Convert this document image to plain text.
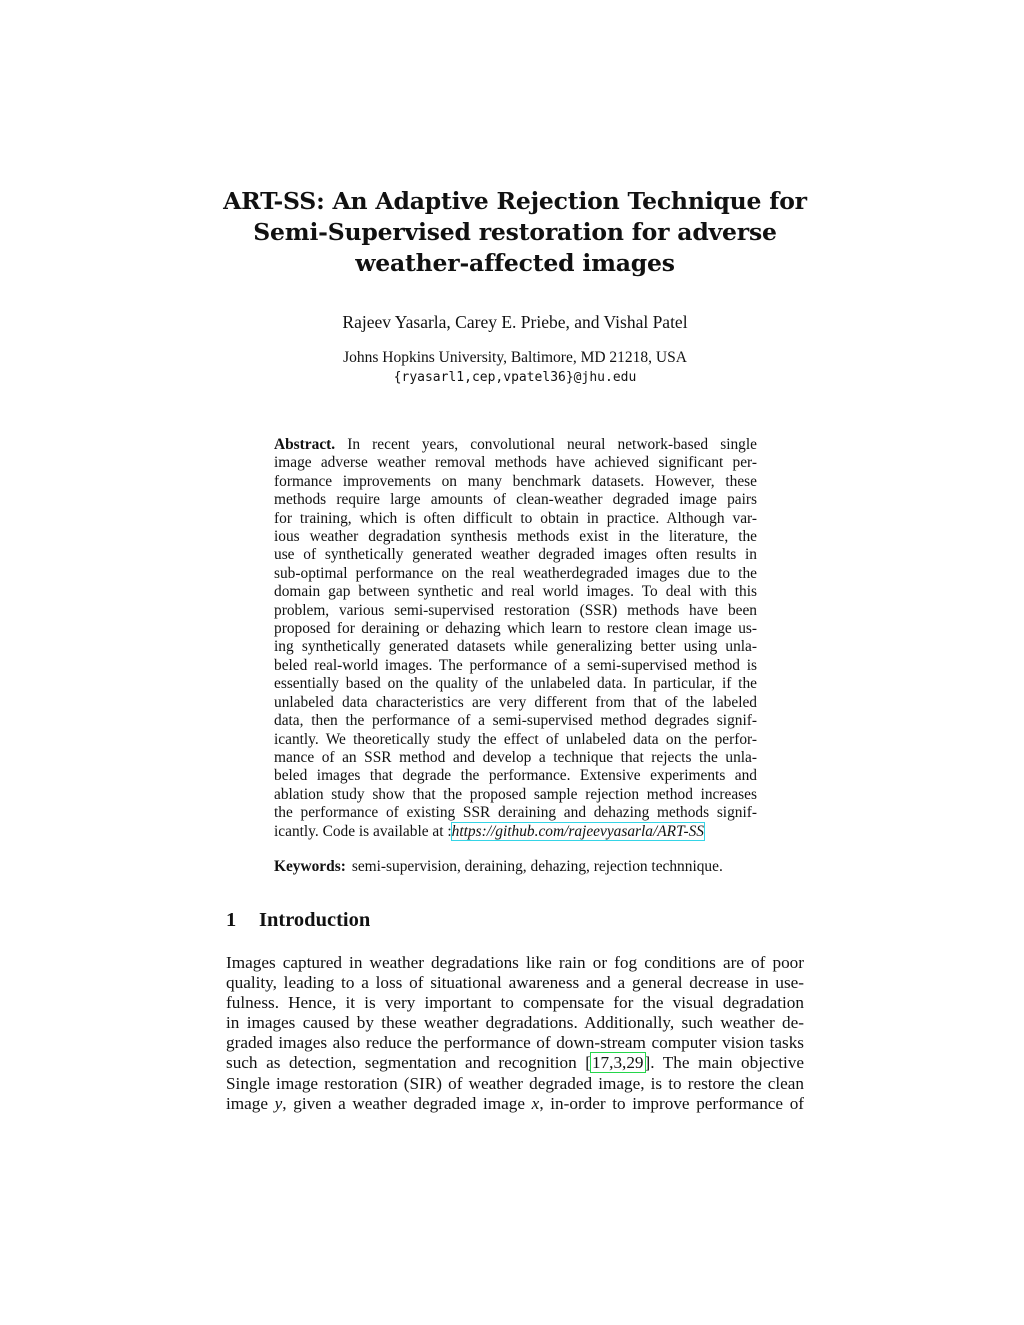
ART-SS: An Adaptive Rejection Technique for
Semi-Supervised restoration for adverse
weather-affected images
Rajeev Yasarla, Carey E. Priebe, and Vishal Patel
Johns Hopkins University, Baltimore, MD 21218, USA
{ryasarl1,cep,vpatel36}@jhu.edu
Abstract. In recent years, convolutional neural network-based single
image adverse weather removal methods have achieved significant per-
formance improvements on many benchmark datasets. However, these
methods require large amounts of clean-weather degraded image pairs
for training, which is often difficult to obtain in practice. Although var-
ious weather degradation synthesis methods exist in the literature, the
use of synthetically generated weather degraded images often results in
sub-optimal performance on the real weatherdegraded images due to the
domain gap between synthetic and real world images. To deal with this
problem, various semi-supervised restoration (SSR) methods have been
proposed for deraining or dehazing which learn to restore clean image us-
ing synthetically generated datasets while generalizing better using unla-
beled real-world images. The performance of a semi-supervised method is
essentially based on the quality of the unlabeled data. In particular, if the
unlabeled data characteristics are very different from that of the labeled
data, then the performance of a semi-supervised method degrades signif-
icantly. We theoretically study the effect of unlabeled data on the perfor-
mance of an SSR method and develop a technique that rejects the unla-
beled images that degrade the performance. Extensive experiments and
ablation study show that the proposed sample rejection method increases
the performance of existing SSR deraining and dehazing methods signif-
icantly. Code is available at :https://github.com/rajeevyasarla/ART-SS
Keywords: semi-supervision, deraining, dehazing, rejection technnique.
1 Introduction
Images captured in weather degradations like rain or fog conditions are of poor
quality, leading to a loss of situational awareness and a general decrease in use-
fulness. Hence, it is very important to compensate for the visual degradation
in images caused by these weather degradations. Additionally, such weather de-
graded images also reduce the performance of down-stream computer vision tasks
such as detection, segmentation and recognition [17,3,29]. The main objective
Single image restoration (SIR) of weather degraded image, is to restore the clean
image y, given a weather degraded image x, in-order to improve performance of
